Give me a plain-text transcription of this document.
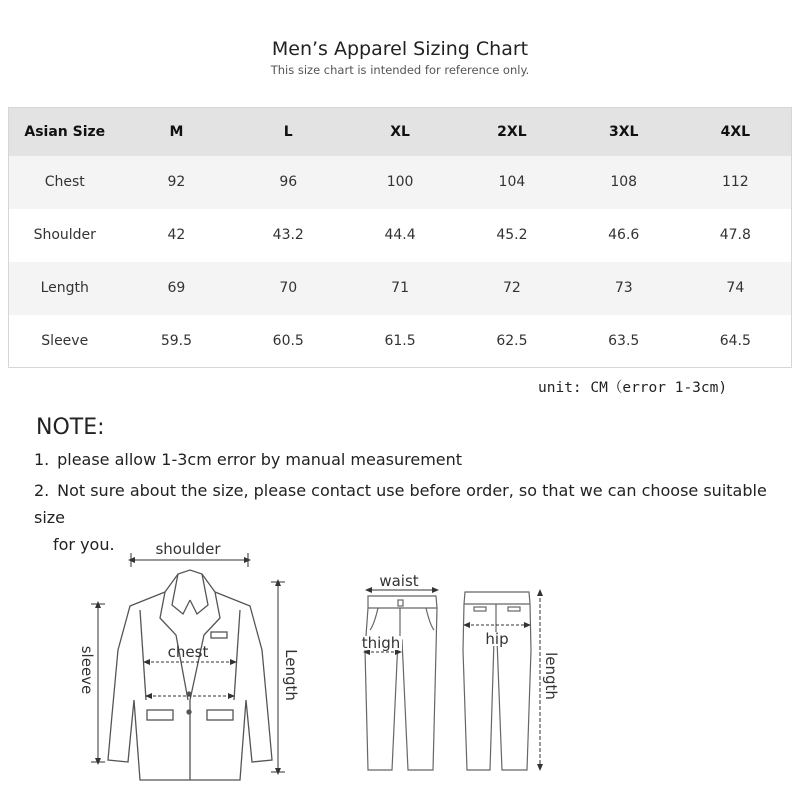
Men’s Apparel Sizing Chart
This size chart is intended for reference only.
Asian Size	M	L	XL	2XL	3XL	4XL
Chest	92	96	100	104	108	112
Shoulder	42	43.2	44.4	45.2	46.6	47.8
Length	69	70	71	72	73	74
Sleeve	59.5	60.5	61.5	62.5	63.5	64.5
unit: CM（error 1-3cm)
NOTE:
1. please allow 1-3cm error by manual measurement
2. Not sure about the size, please contact use before order, so that we can choose suitable size
for you.	shoulder
chest
sleeve	Length
waist
thigh	hip
length
